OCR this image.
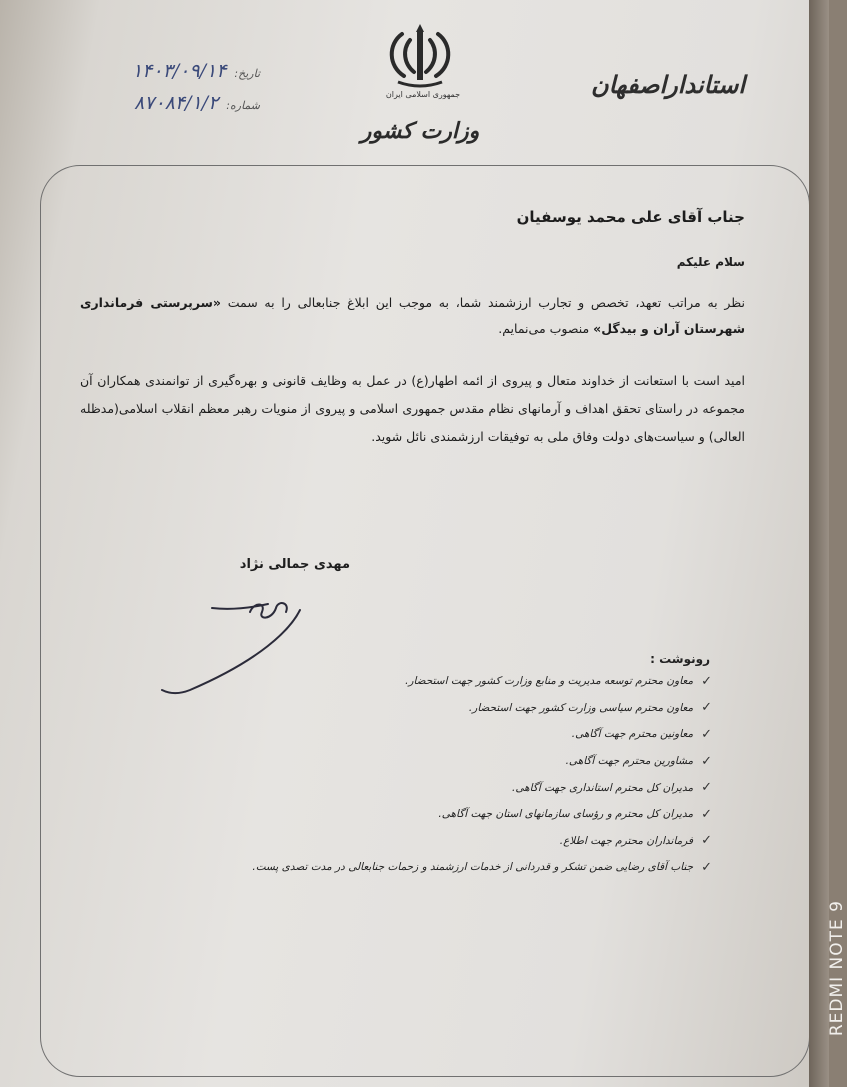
جمهوری اسلامی ایران
وزارت کشور
استانداراصفهان
تاریخ:
۱۴۰۳/۰۹/۱۴
شماره:
۸۷۰۸۴/۱/۲
جناب آقای علی محمد یوسفیان
سلام علیکم
نظر به مراتب تعهد، تخصص و تجارب ارزشمند شما، به موجب این ابلاغ جنابعالی را به سمت «سرپرستی فرمانداری شهرستان آران و بیدگل» منصوب می‌نمایم.
امید است با استعانت از خداوند متعال و پیروی از ائمه اطهار(ع) در عمل به وظایف قانونی و بهره‌گیری از توانمندی همکاران آن مجموعه در راستای تحقق اهداف و آرمانهای نظام مقدس جمهوری اسلامی و پیروی از منویات رهبر معظم انقلاب اسلامی(مدظله العالی) و سیاست‌های دولت وفاق ملی به توفیقات ارزشمندی نائل شوید.
مهدی جمالی نژاد
رونوشت :
✓
معاون محترم توسعه مدیریت و منابع وزارت کشور جهت استحضار.
✓
معاون محترم سیاسی وزارت کشور جهت استحضار.
✓
معاونین محترم جهت آگاهی.
✓
مشاورین محترم جهت آگاهی.
✓
مدیران کل محترم استانداری جهت آگاهی.
✓
مدیران کل محترم و رؤسای سازمانهای استان جهت آگاهی.
✓
فرمانداران محترم جهت اطلاع.
✓
جناب آقای رضایی ضمن تشکر و قدردانی از خدمات ارزشمند و زحمات جنابعالی در مدت تصدی پست.
REDMI NOTE 9
